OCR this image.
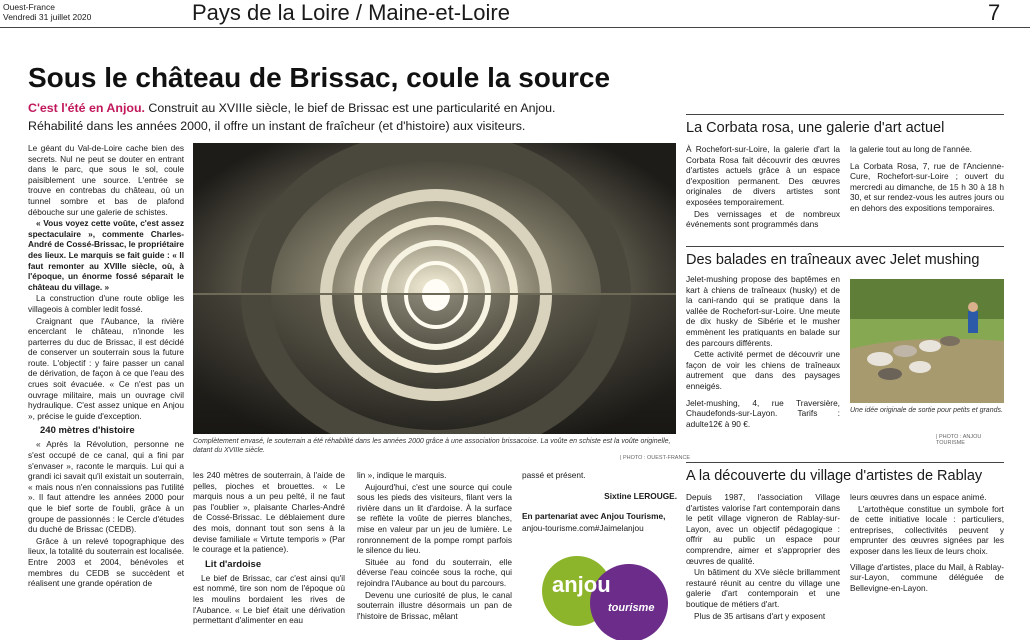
Ouest-France
Vendredi 31 juillet 2020	Pays de la Loire / Maine-et-Loire	7
Sous le château de Brissac, coule la source
C'est l'été en Anjou. Construit au XVIIIe siècle, le bief de Brissac est une particularité en Anjou.
Réhabilité dans les années 2000, il offre un instant de fraîcheur (et d'histoire) aux visiteurs.
Complètement envasé, le souterrain a été réhabilité dans les années 2000 grâce à une association brissacoise. La voûte en schiste est la voûte originelle, datant du XVIIIe siècle.
| PHOTO : OUEST-FRANCE

Le géant du Val-de-Loire cache bien des secrets. Nul ne peut se douter en entrant dans le parc, que sous le sol, coule paisiblement une source. L'entrée se trouve en contrebas du château, où un tunnel sombre et bas de plafond débouche sur une galerie de schistes.

« Vous voyez cette voûte, c'est assez spectaculaire », commente Charles-André de Cossé-Brissac, le propriétaire des lieux. Le marquis se fait guide : « Il faut remonter au XVIIIe siècle, où, à l'époque, un énorme fossé séparait le château du village. »

La construction d'une route oblige les villageois à combler ledit fossé.

Craignant que l'Aubance, la rivière encerclant le château, n'inonde les parterres du duc de Brissac, il est décidé de conserver un souterrain sous la future route. L'objectif : y faire passer un canal de dérivation, de façon à ce que l'eau des crues soit évacuée. « Ce n'est pas un ouvrage militaire, mais un ouvrage civil hydraulique. C'est assez unique en Anjou », précise le guide d'exception.

240 mètres d'histoire

« Après la Révolution, personne ne s'est occupé de ce canal, qui a fini par s'envaser », raconte le marquis. Lui qui a grandi ici savait qu'il existait un souterrain, « mais nous n'en connaissions pas l'utilité ». Il faut attendre les années 2000 pour que le bief sorte de l'oubli, grâce à un groupe de passionnés : le Cercle d'études du duché de Brissac (CEDB).

Grâce à un relevé topographique des lieux, la totalité du souterrain est localisée. Entre 2003 et 2004, bénévoles et membres du CEDB se succèdent et réalisent une grande opération de

les 240 mètres de souterrain, à l'aide de pelles, pioches et brouettes. « Le marquis nous a un peu pelté, il ne faut pas l'oublier », plaisante Charles-André de Cossé-Brissac. Le déblaiement dure des mois, donnant tout son sens à la devise familiale « Virtute temporis » (Par le courage et la patience).

Lit d'ardoise

Le bief de Brissac, car c'est ainsi qu'il est nommé, tire son nom de l'époque où les moulins bordaient les rives de l'Aubance. « Le bief était une dérivation permettant d'alimenter en eau

lin », indique le marquis.

Aujourd'hui, c'est une source qui coule sous les pieds des visiteurs, filant vers la rivière dans un lit d'ardoise. À la surface se reflète la voûte de pierres blanches, mise en valeur par un jeu de lumière. Le ronronnement de la pompe rompt parfois le silence du lieu.

Située au fond du souterrain, elle déverse l'eau coincée sous la roche, qui rejoindra l'Aubance au bout du parcours.

Devenu une curiosité de plus, le canal souterrain illustre désormais un pan de l'histoire de Brissac, mêlant

passé et présent.

Sixtine LEROUGE.

En partenariat avec Anjou Tourisme,

anjou-tourisme.com#Jaimelanjou

anjou
tourisme
La Corbata rosa, une galerie d'art actuel

À Rochefort-sur-Loire, la galerie d'art la Corbata Rosa fait découvrir des œuvres d'artistes actuels grâce à un espace d'exposition permanent. Des œuvres originales de divers artistes sont exposées temporairement.

Des vernissages et de nombreux événements sont programmés dans

la galerie tout au long de l'année.

La Corbata Rosa, 7, rue de l'Ancienne-Cure, Rochefort-sur-Loire ; ouvert du mercredi au dimanche, de 15 h 30 à 18 h 30, et sur rendez-vous les autres jours ou en dehors des expositions temporaires.

Des balades en traîneaux avec Jelet mushing

Jelet-mushing propose des baptêmes en kart à chiens de traîneaux (husky) et de la cani-rando qui se pratique dans la vallée de Rochefort-sur-Loire. Une meute de dix husky de Sibérie et le musher emmènent les pratiquants en balade sur des parcours différents.

Cette activité permet de découvrir une façon de voir les chiens de traîneaux autrement que dans des paysages enneigés.

Jelet-mushing, 4, rue Traversière, Chaudefonds-sur-Layon. Tarifs : adulte12€ à 90 €.

Une idée originale de sortie pour petits et grands.
| PHOTO : ANJOU TOURISME
A la découverte du village d'artistes de Rablay

Depuis 1987, l'association Village d'artistes valorise l'art contemporain dans le petit village vigneron de Rablay-sur-Layon, avec un objectif pédagogique : offrir au public un espace pour comprendre, aimer et s'approprier des œuvres de qualité.

Un bâtiment du XVe siècle brillamment restauré réunit au centre du village une galerie d'art contemporain et une boutique de métiers d'art.

Plus de 35 artisans d'art y exposent

leurs œuvres dans un espace animé.

L'artothèque constitue un symbole fort de cette initiative locale : particuliers, entreprises, collectivités peuvent y emprunter des œuvres signées par les exposer dans les lieux de leurs choix.

Village d'artistes, place du Mail, à Rablay-sur-Layon, commune déléguée de Bellevigne-en-Layon.
